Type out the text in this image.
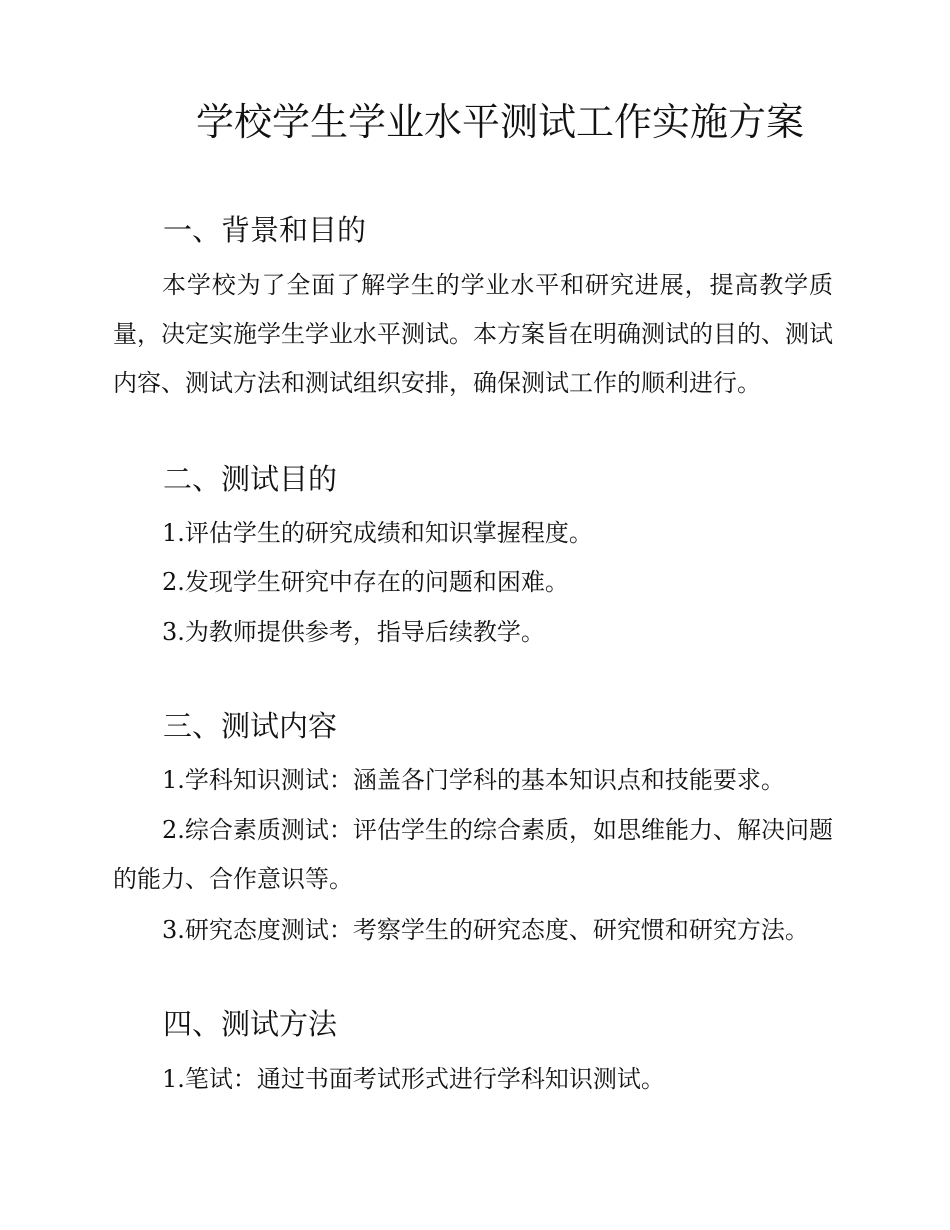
学校学生学业水平测试工作实施方案
一、背景和目的

本学校为了全面了解学生的学业水平和研究进展，提高教学质量，决定实施学生学业水平测试。本方案旨在明确测试的目的、测试内容、测试方法和测试组织安排，确保测试工作的顺利进行。

二、测试目的
1.评估学生的研究成绩和知识掌握程度。
2.发现学生研究中存在的问题和困难。
3.为教师提供参考，指导后续教学。
三、测试内容
1.学科知识测试：涵盖各门学科的基本知识点和技能要求。

2.综合素质测试：评估学生的综合素质，如思维能力、解决问题的能力、合作意识等。

3.研究态度测试：考察学生的研究态度、研究惯和研究方法。
四、测试方法
1.笔试：通过书面考试形式进行学科知识测试。
